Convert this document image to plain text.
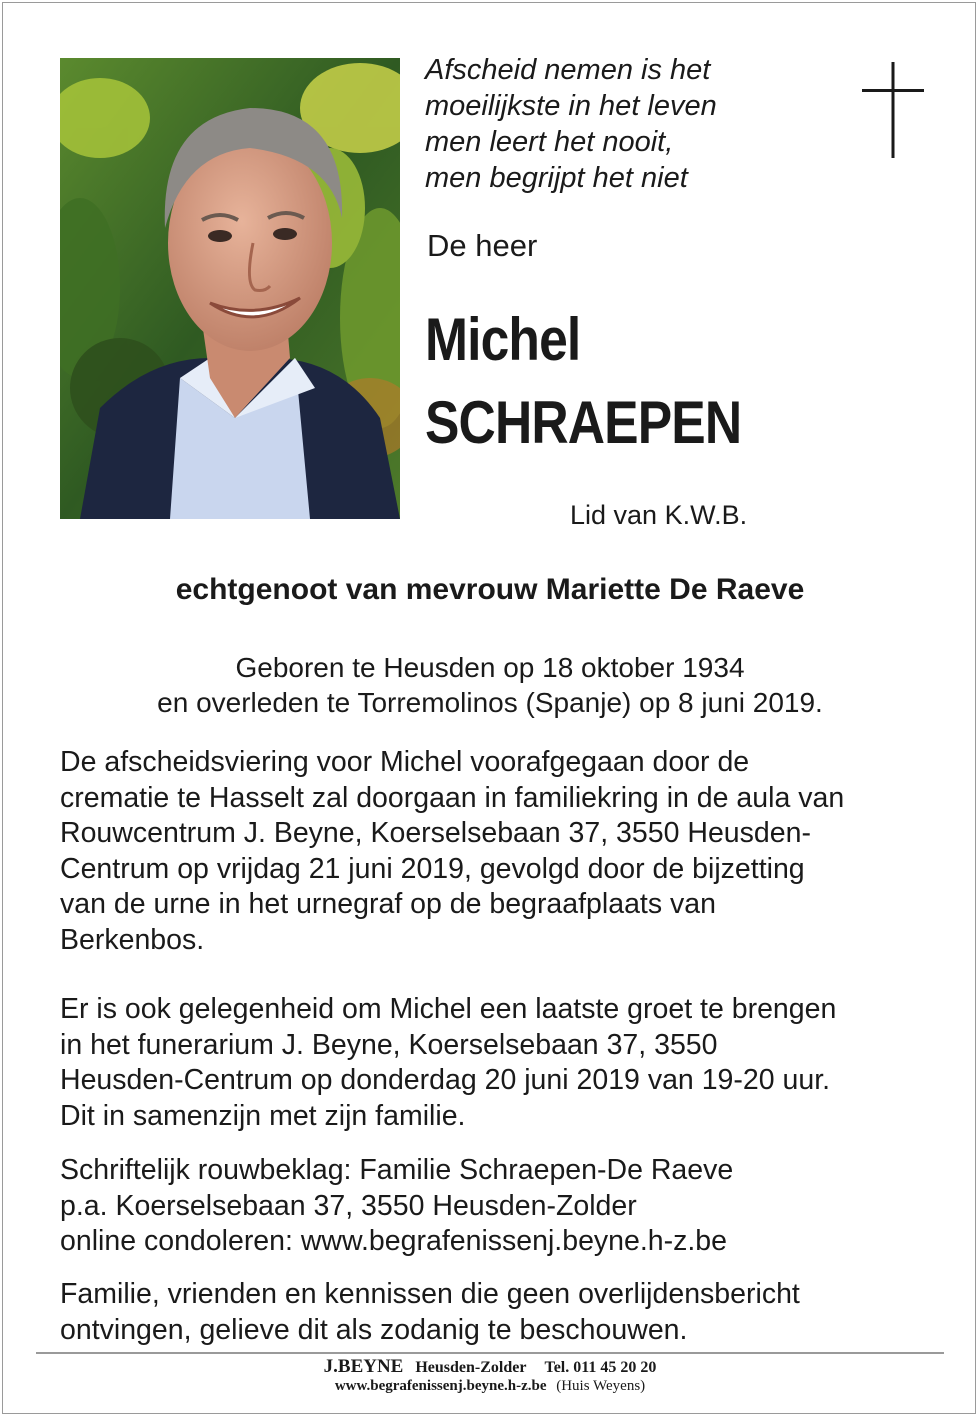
Afscheid nemen is het
moeilijkste in het leven
men leert het nooit,
men begrijpt het niet
De heer
Michel
SCHRAEPEN
Lid van K.W.B.
echtgenoot van mevrouw Mariette De Raeve
Geboren te Heusden op 18 oktober 1934
en overleden te Torremolinos (Spanje) op 8 juni 2019.
De afscheidsviering voor Michel voorafgegaan door de
crematie te Hasselt zal doorgaan in familiekring in de aula van
Rouwcentrum J. Beyne, Koerselsebaan 37, 3550 Heusden-
Centrum op vrijdag 21 juni 2019, gevolgd door de bijzetting
van de urne in het urnegraf op de begraafplaats van
Berkenbos.
Er is ook gelegenheid om Michel een laatste groet te brengen
in het funerarium J. Beyne, Koerselsebaan 37, 3550
Heusden-Centrum op donderdag 20 juni 2019 van 19-20 uur.
Dit in samenzijn met zijn familie.
Schriftelijk rouwbeklag: Familie Schraepen-De Raeve
p.a. Koerselsebaan 37, 3550 Heusden-Zolder
online condoleren: www.begrafenissenj.beyne.h-z.be
Familie, vrienden en kennissen die geen overlijdensbericht
ontvingen, gelieve dit als zodanig te beschouwen.
J.BEYNE Heusden-Zolder Tel. 011 45 20 20
www.begrafenissenj.beyne.h-z.be (Huis Weyens)
